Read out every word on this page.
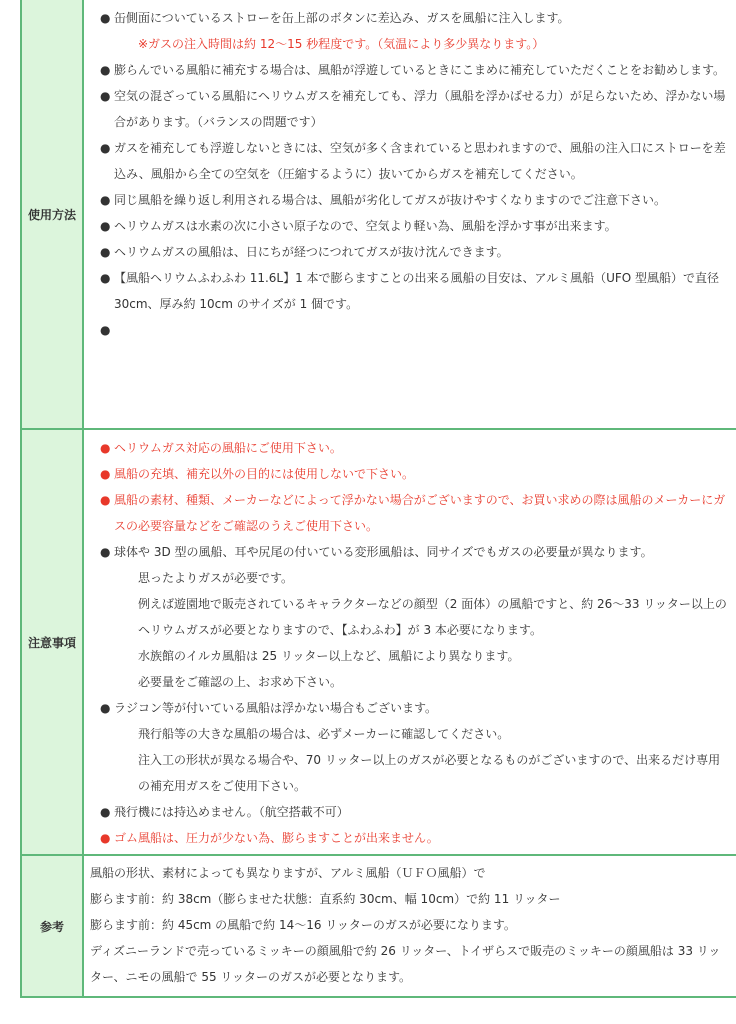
使用方法
● 缶側面についているストローを缶上部のボタンに差込み、ガスを風船に注入します。
※ガスの注入時間は約 12～15 秒程度です。（気温により多少異なります。）
● 膨らんでいる風船に補充する場合は、風船が浮遊しているときにこまめに補充していただくことをお勧めします。
● 空気の混ざっている風船にヘリウムガスを補充しても、浮力（風船を浮かばせる力）が足らないため、浮かない場合があります。（バランスの問題です）
● ガスを補充しても浮遊しないときには、空気が多く含まれていると思われますので、風船の注入口にストローを差込み、風船から全ての空気を（圧縮するように）抜いてからガスを補充してください。
● 同じ風船を繰り返し利用される場合は、風船が劣化してガスが抜けやすくなりますのでご注意下さい。
● ヘリウムガスは水素の次に小さい原子なので、空気より軽い為、風船を浮かす事が出来ます。
● ヘリウムガスの風船は、日にちが経つにつれてガスが抜け沈んできます。
● 【風船ヘリウムふわふわ 11.6L】1 本で膨らますことの出来る風船の目安は、アルミ風船（UFO 型風船）で直径 30cm、厚み約 10cm のサイズが 1 個です。
●
注意事項
● ヘリウムガス対応の風船にご使用下さい。
● 風船の充填、補充以外の目的には使用しないで下さい。
● 風船の素材、種類、メーカーなどによって浮かない場合がございますので、お買い求めの際は風船のメーカーにガスの必要容量などをご確認のうえご使用下さい。
● 球体や 3D 型の風船、耳や尻尾の付いている変形風船は、同サイズでもガスの必要量が異なります。
思ったよりガスが必要です。
例えば遊園地で販売されているキャラクターなどの顔型（2 面体）の風船ですと、約 26～33 リッター以上のヘリウムガスが必要となりますので、【ふわふわ】が 3 本必要になります。
水族館のイルカ風船は 25 リッター以上など、風船により異なります。
必要量をご確認の上、お求め下さい。
● ラジコン等が付いている風船は浮かない場合もございます。
飛行船等の大きな風船の場合は、必ずメーカーに確認してください。
注入工の形状が異なる場合や、70 リッター以上のガスが必要となるものがございますので、出来るだけ専用の補充用ガスをご使用下さい。
● 飛行機には持込めません。（航空搭載不可）
● ゴム風船は、圧力が少ない為、膨らますことが出来ません。
参考
風船の形状、素材によっても異なりますが、アルミ風船（ＵＦＯ風船）で
膨らます前：約 38cm（膨らませた状態：直系約 30cm、幅 10cm）で約 11 リッター
膨らます前：約 45cm の風船で約 14～16 リッターのガスが必要になります。
ディズニーランドで売っているミッキーの顔風船で約 26 リッター、トイザらスで販売のミッキーの顔風船は 33 リッター、ニモの風船で 55 リッターのガスが必要となります。
